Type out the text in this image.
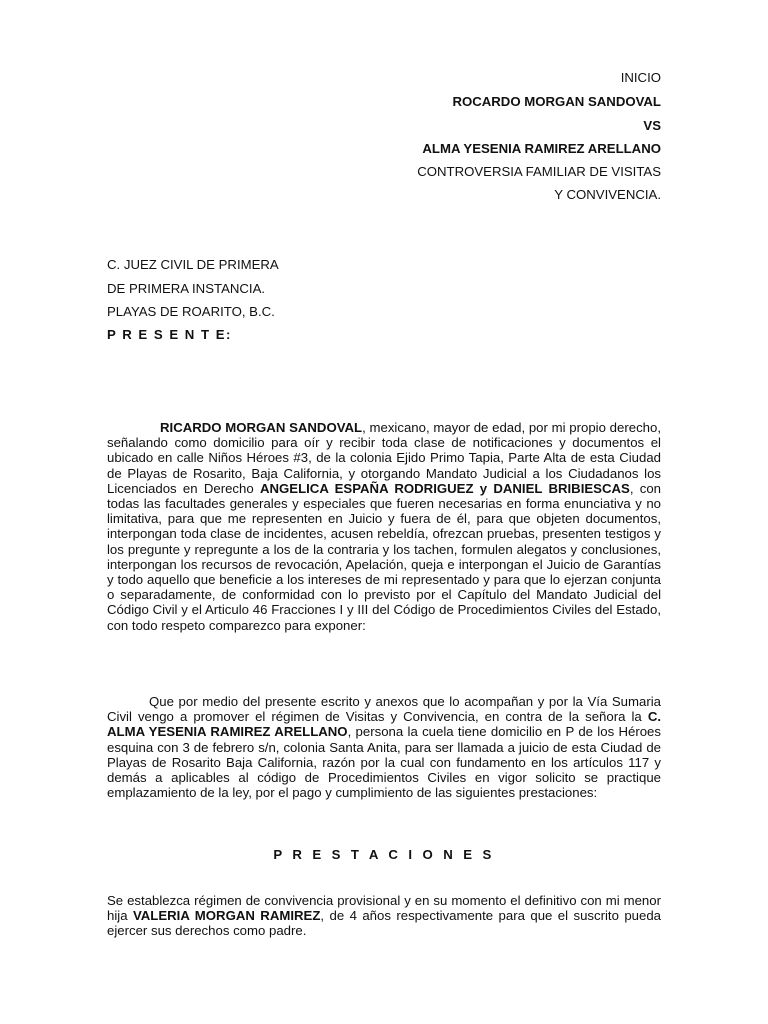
INICIO
ROCARDO MORGAN SANDOVAL
VS
ALMA YESENIA RAMIREZ ARELLANO
CONTROVERSIA FAMILIAR DE VISITAS
Y CONVIVENCIA.
C. JUEZ CIVIL DE PRIMERA
DE PRIMERA INSTANCIA.
PLAYAS DE ROARITO, B.C.
P R E S E N T E:
RICARDO MORGAN SANDOVAL, mexicano, mayor de edad, por mi propio derecho, señalando como domicilio para oír y recibir toda clase de notificaciones y documentos el ubicado en calle Niños Héroes #3, de la colonia Ejido Primo Tapia, Parte Alta de esta Ciudad de Playas de Rosarito, Baja California, y otorgando Mandato Judicial a los Ciudadanos los Licenciados en Derecho ANGELICA ESPAÑA RODRIGUEZ y DANIEL BRIBIESCAS, con todas las facultades generales y especiales que fueren necesarias en forma enunciativa y no limitativa, para que me representen en Juicio y fuera de él, para que objeten documentos, interpongan toda clase de incidentes, acusen rebeldía, ofrezcan pruebas, presenten testigos y los pregunte y repregunte a los de la contraria y los tachen, formulen alegatos y conclusiones, interpongan los recursos de revocación, Apelación, queja e interpongan el Juicio de Garantías y todo aquello que beneficie a los intereses de mi representado y para que lo ejerzan conjunta o separadamente, de conformidad con lo previsto por el Capítulo del Mandato Judicial del Código Civil y el Articulo 46 Fracciones I y III del Código de Procedimientos Civiles del Estado, con todo respeto comparezco para exponer:
Que por medio del presente escrito y anexos que lo acompañan y por la Vía Sumaria Civil vengo a promover el régimen de Visitas y Convivencia, en contra de la señora la C. ALMA YESENIA RAMIREZ ARELLANO, persona la cuela tiene domicilio en P de los Héroes esquina con 3 de febrero s/n, colonia Santa Anita, para ser llamada a juicio de esta Ciudad de Playas de Rosarito Baja California, razón por la cual con fundamento en los artículos 117 y demás a aplicables al código de Procedimientos Civiles en vigor solicito se practique emplazamiento de la ley, por el pago y cumplimiento de las siguientes prestaciones:
P R E S T A C I O N E S
Se establezca régimen de convivencia provisional y en su momento el definitivo con mi menor hija VALERIA MORGAN RAMIREZ, de 4 años respectivamente para que el suscrito pueda ejercer sus derechos como padre.
